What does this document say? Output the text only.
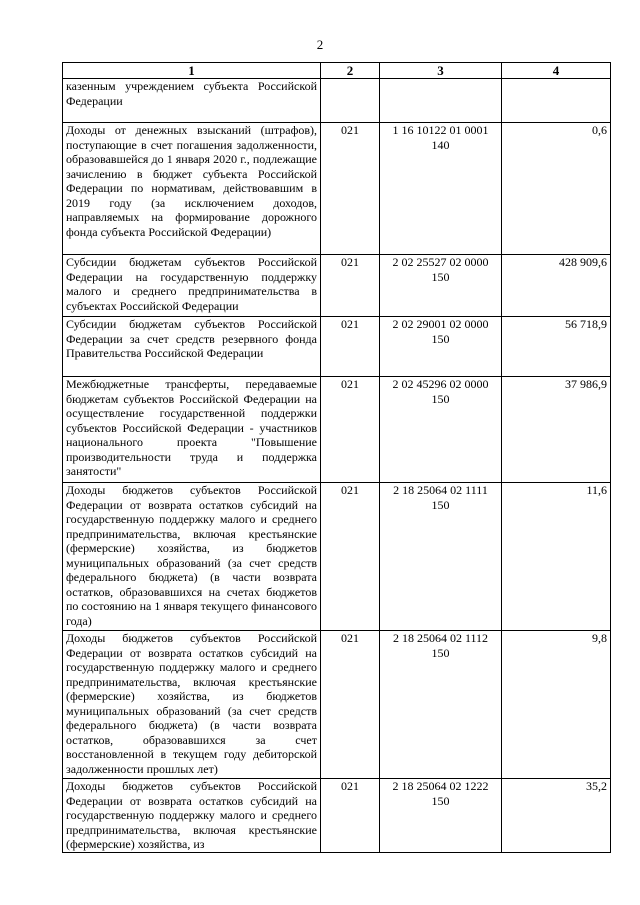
2
1	2	3	4
казенным учреждением субъекта Российской Федерации			
Доходы от денежных взысканий (штрафов), поступающие в счет погашения задолженности, образовавшейся до 1 января 2020 г., подлежащие зачислению в бюджет субъекта Российской Федерации по нормативам, действовавшим в 2019 году (за исключением доходов, направляемых на формирование дорожного фонда субъекта Российской Федерации)	021	1 16 10122 01 0001 140	0,6
Субсидии бюджетам субъектов Российской Федерации на государственную поддержку малого и среднего предпринимательства в субъектах Российской Федерации	021	2 02 25527 02 0000 150	428 909,6
Субсидии бюджетам субъектов Российской Федерации за счет средств резервного фонда Правительства Российской Федерации	021	2 02 29001 02 0000 150	56 718,9
Межбюджетные трансферты, передаваемые бюджетам субъектов Российской Федерации на осуществление государственной поддержки субъектов Российской Федерации - участников национального проекта "Повышение производительности труда и поддержка занятости"	021	2 02 45296 02 0000 150	37 986,9
Доходы бюджетов субъектов Российской Федерации от возврата остатков субсидий на государственную поддержку малого и среднего предпринимательства, включая крестьянские (фермерские) хозяйства, из бюджетов муниципальных образований (за счет средств федерального бюджета) (в части возврата остатков, образовавшихся на счетах бюджетов по состоянию на 1 января текущего финансового года)	021	2 18 25064 02 1111 150	11,6
Доходы бюджетов субъектов Российской Федерации от возврата остатков субсидий на государственную поддержку малого и среднего предпринимательства, включая крестьянские (фермерские) хозяйства, из бюджетов муниципальных образований (за счет средств федерального бюджета) (в части возврата остатков, образовавшихся за счет восстановленной в текущем году дебиторской задолженности прошлых лет)	021	2 18 25064 02 1112 150	9,8
Доходы бюджетов субъектов Российской Федерации от возврата остатков субсидий на государственную поддержку малого и среднего предпринимательства, включая крестьянские (фермерские) хозяйства, из	021	2 18 25064 02 1222 150	35,2
